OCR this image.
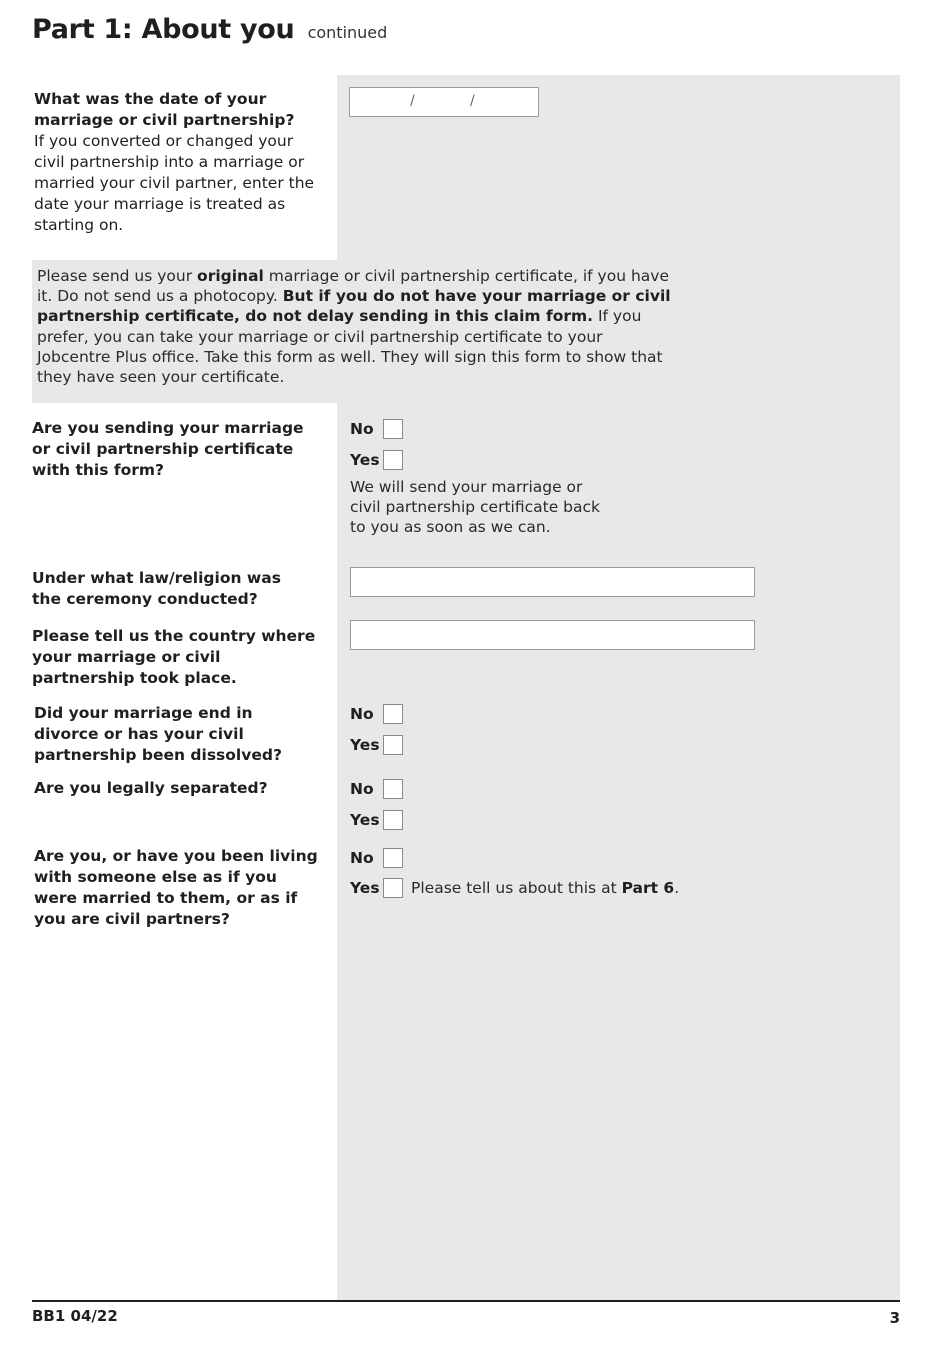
Part 1: About you continued
What was the date of your marriage or civil partnership?
If you converted or changed your civil partnership into a marriage or married your civil partner, enter the date your marriage is treated as starting on.
/	/
Please send us your original marriage or civil partnership certificate, if you have it. Do not send us a photocopy. But if you do not have your marriage or civil partnership certificate, do not delay sending in this claim form. If you prefer, you can take your marriage or civil partnership certificate to your Jobcentre Plus office. Take this form as well. They will sign this form to show that they have seen your certificate.
Are you sending your marriage or civil partnership certificate with this form?
No
Yes
We will send your marriage or civil partnership certificate back to you as soon as we can.
Under what law/religion was the ceremony conducted?
Please tell us the country where your marriage or civil partnership took place.
Did your marriage end in divorce or has your civil partnership been dissolved?
No
Yes
Are you legally separated?	No
Yes
Are you, or have you been living with someone else as if you were married to them, or as if you are civil partners?
No
Yes Please tell us about this at Part 6.
BB1 04/22	3
